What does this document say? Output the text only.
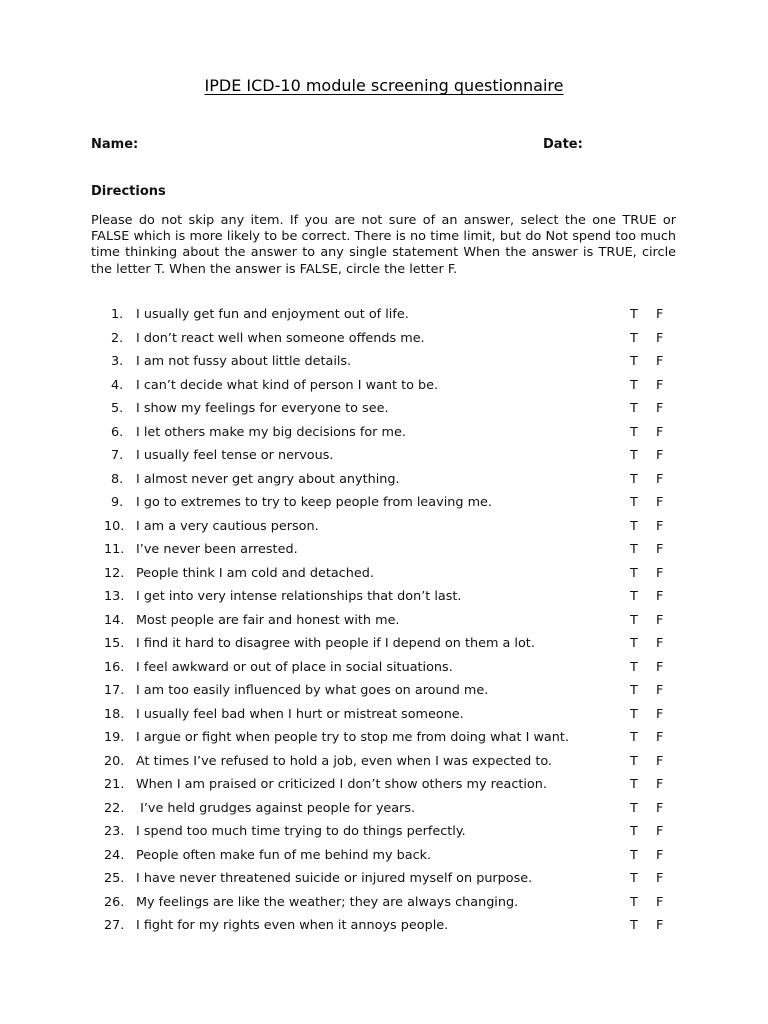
IPDE ICD-10 module screening questionnaire
Name:	Date:
Directions
Please do not skip any item. If you are not sure of an answer, select the one TRUE or FALSE which is more likely to be correct. There is no time limit, but do Not spend too much time thinking about the answer to any single statement When the answer is TRUE, circle the letter T. When the answer is FALSE, circle the letter F.
1. I usually get fun and enjoyment out of life.	T F
2. I don’t react well when someone offends me.	T F
3. I am not fussy about little details.	T F
4. I can’t decide what kind of person I want to be.	T F
5. I show my feelings for everyone to see.	T F
6. I let others make my big decisions for me.	T F
7. I usually feel tense or nervous.	T F
8. I almost never get angry about anything.	T F
9. I go to extremes to try to keep people from leaving me.	T F
10. I am a very cautious person.	T F
11. I’ve never been arrested.	T F
12. People think I am cold and detached.	T F
13. I get into very intense relationships that don’t last.	T F
14. Most people are fair and honest with me.	T F
15. I find it hard to disagree with people if I depend on them a lot.	T F
16. I feel awkward or out of place in social situations.	T F
17. I am too easily influenced by what goes on around me.	T F
18. I usually feel bad when I hurt or mistreat someone.	T F
19. I argue or fight when people try to stop me from doing what I want.	T F
20. At times I’ve refused to hold a job, even when I was expected to.	T F
21. When I am praised or criticized I don’t show others my reaction.	T F
22. I’ve held grudges against people for years.	T F
23. I spend too much time trying to do things perfectly.	T F
24. People often make fun of me behind my back.	T F
25. I have never threatened suicide or injured myself on purpose.	T F
26. My feelings are like the weather; they are always changing.	T F
27. I fight for my rights even when it annoys people.	T F
